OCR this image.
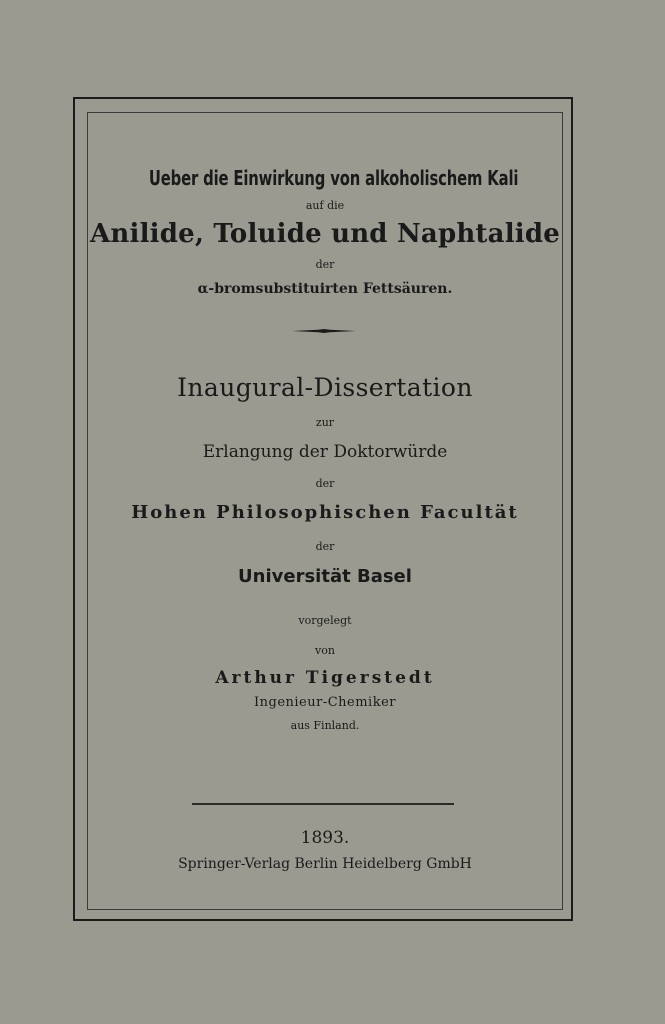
Ueber die Einwirkung von alkoholischem Kali
auf die
Anilide, Toluide und Naphtalide
der
α-bromsubstituirten Fettsäuren.
Inaugural-Dissertation
zur
Erlangung der Doktorwürde
der
Hohen Philosophischen Facultät
der
Universität Basel
vorgelegt
von
Arthur Tigerstedt
Ingenieur-Chemiker
aus Finland.
1893.
Springer-Verlag Berlin Heidelberg GmbH
